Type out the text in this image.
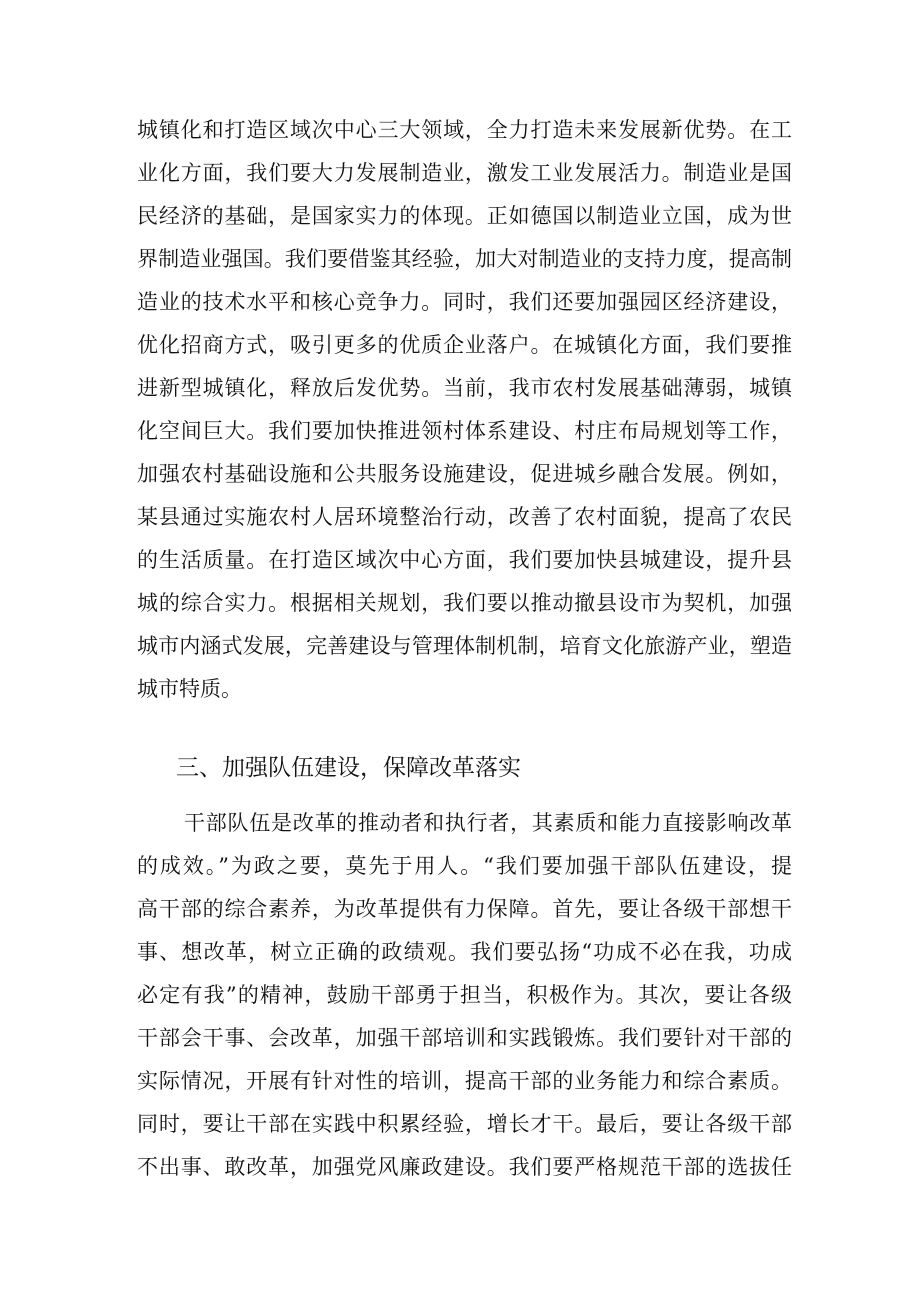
城镇化和打造区域次中心三大领域，全力打造未来发展新优势。在工
业化方面，我们要大力发展制造业，激发工业发展活力。制造业是国
民经济的基础，是国家实力的体现。正如德国以制造业立国，成为世
界制造业强国。我们要借鉴其经验，加大对制造业的支持力度，提高制
造业的技术水平和核心竞争力。同时，我们还要加强园区经济建设，
优化招商方式，吸引更多的优质企业落户。在城镇化方面，我们要推
进新型城镇化，释放后发优势。当前，我市农村发展基础薄弱，城镇
化空间巨大。我们要加快推进领村体系建设、村庄布局规划等工作，
加强农村基础设施和公共服务设施建设，促进城乡融合发展。例如，
某县通过实施农村人居环境整治行动，改善了农村面貌，提高了农民
的生活质量。在打造区域次中心方面，我们要加快县城建设，提升县
城的综合实力。根据相关规划，我们要以推动撤县设市为契机，加强
城市内涵式发展，完善建设与管理体制机制，培育文化旅游产业，塑造
城市特质。
三、加强队伍建设，保障改革落实
干部队伍是改革的推动者和执行者，其素质和能力直接影响改革
的成效。”为政之要，莫先于用人。“我们要加强干部队伍建设，提
高干部的综合素养，为改革提供有力保障。首先，要让各级干部想干
事、想改革，树立正确的政绩观。我们要弘扬“功成不必在我，功成
必定有我”的精神，鼓励干部勇于担当，积极作为。其次，要让各级
干部会干事、会改革，加强干部培训和实践锻炼。我们要针对干部的
实际情况，开展有针对性的培训，提高干部的业务能力和综合素质。
同时，要让干部在实践中积累经验，增长才干。最后，要让各级干部
不出事、敢改革，加强党风廉政建设。我们要严格规范干部的选拔任
